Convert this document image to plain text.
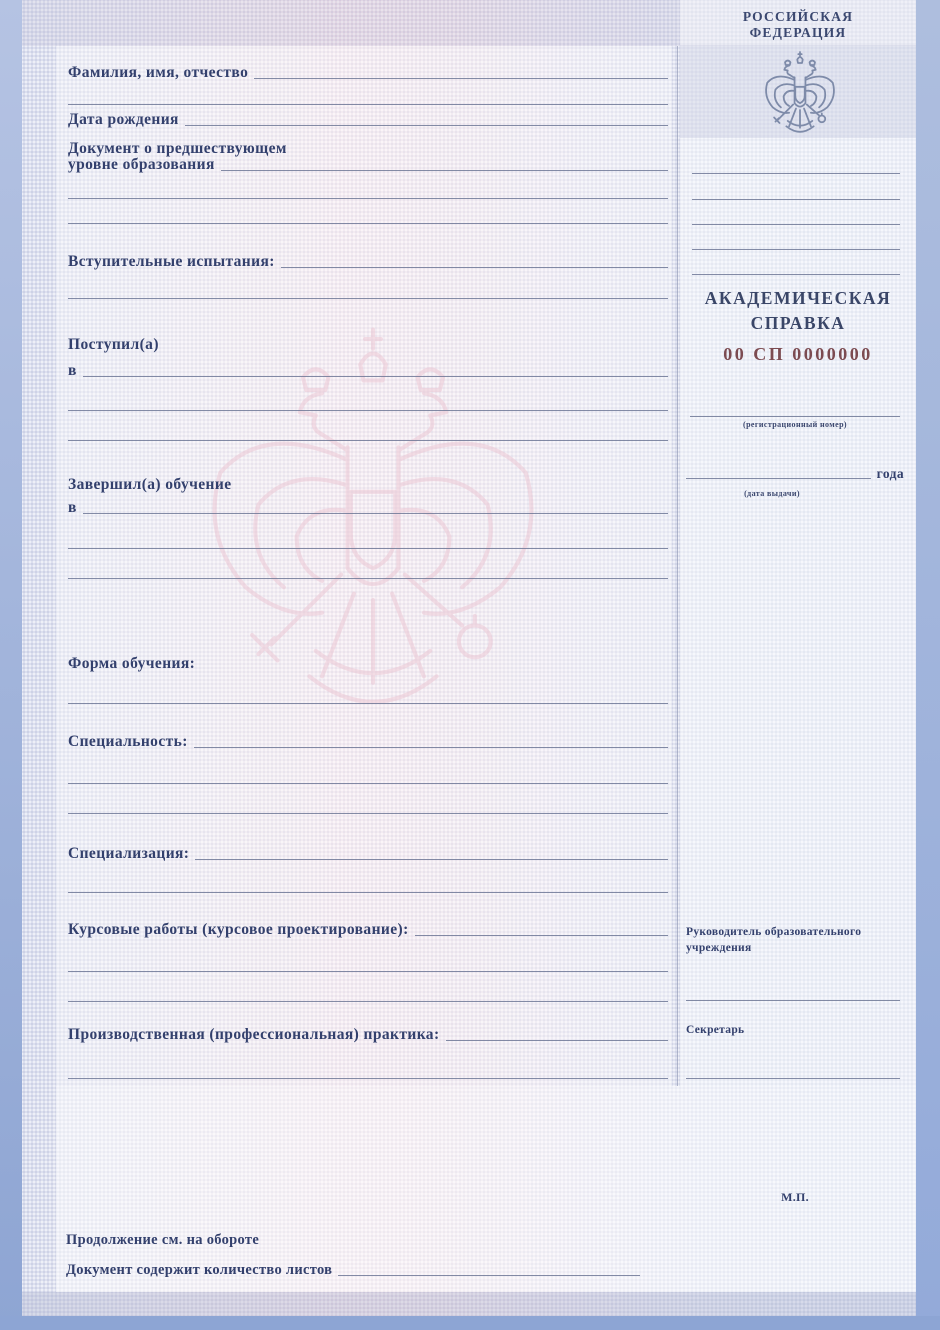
Фамилия, имя, отчество
Дата рождения
Документ о предшествующем
уровне образования
Вступительные испытания:
Поступил(а)
в
Завершил(а) обучение
в
Форма обучения:
Специальность:
Специализация:
Курсовые работы (курсовое проектирование):
Производственная (профессиональная) практика:
Продолжение см. на обороте
Документ содержит количество листов
РОССИЙСКАЯ
ФЕДЕРАЦИЯ
АКАДЕМИЧЕСКАЯ
СПРАВКА
00 СП 0000000
(регистрационный номер)
года
(дата выдачи)
Руководитель образовательного
учреждения
Секретарь
М.П.
